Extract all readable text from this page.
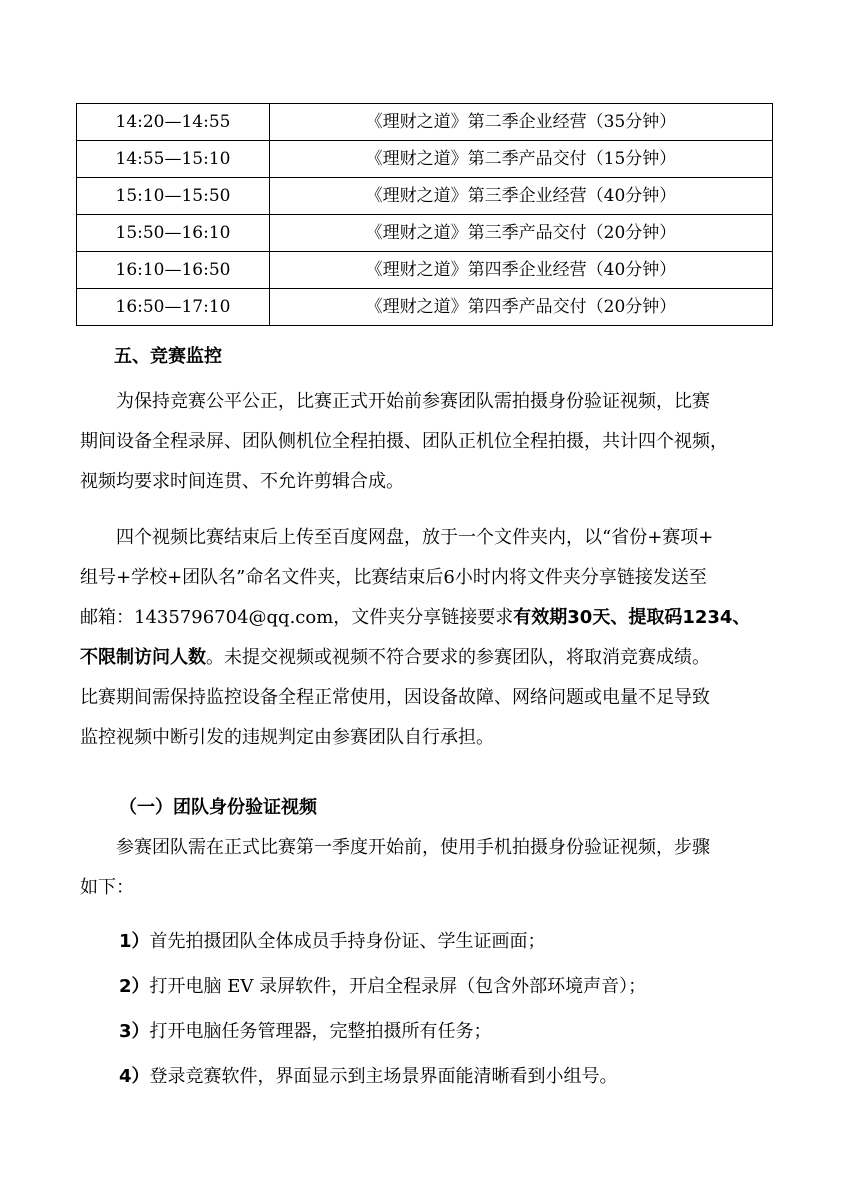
14:20—14:55	《理财之道》第二季企业经营（35分钟）
14:55—15:10	《理财之道》第二季产品交付（15分钟）
15:10—15:50	《理财之道》第三季企业经营（40分钟）
15:50—16:10	《理财之道》第三季产品交付（20分钟）
16:10—16:50	《理财之道》第四季企业经营（40分钟）
16:50—17:10	《理财之道》第四季产品交付（20分钟）
五、竞赛监控
　　为保持竞赛公平公正，比赛正式开始前参赛团队需拍摄身份验证视频，比赛
期间设备全程录屏、团队侧机位全程拍摄、团队正机位全程拍摄，共计四个视频，
视频均要求时间连贯、不允许剪辑合成。
　　四个视频比赛结束后上传至百度网盘，放于一个文件夹内，以“省份+赛项+
组号+学校+团队名”命名文件夹，比赛结束后6小时内将文件夹分享链接发送至
邮箱：1435796704@qq.com，文件夹分享链接要求有效期30天、提取码1234、
不限制访问人数。未提交视频或视频不符合要求的参赛团队，将取消竞赛成绩。
比赛期间需保持监控设备全程正常使用，因设备故障、网络问题或电量不足导致
监控视频中断引发的违规判定由参赛团队自行承担。
（一）团队身份验证视频
　　参赛团队需在正式比赛第一季度开始前，使用手机拍摄身份验证视频，步骤
如下：
1）首先拍摄团队全体成员手持身份证、学生证画面；
2）打开电脑 EV 录屏软件，开启全程录屏（包含外部环境声音）；
3）打开电脑任务管理器，完整拍摄所有任务；
4）登录竞赛软件，界面显示到主场景界面能清晰看到小组号。
